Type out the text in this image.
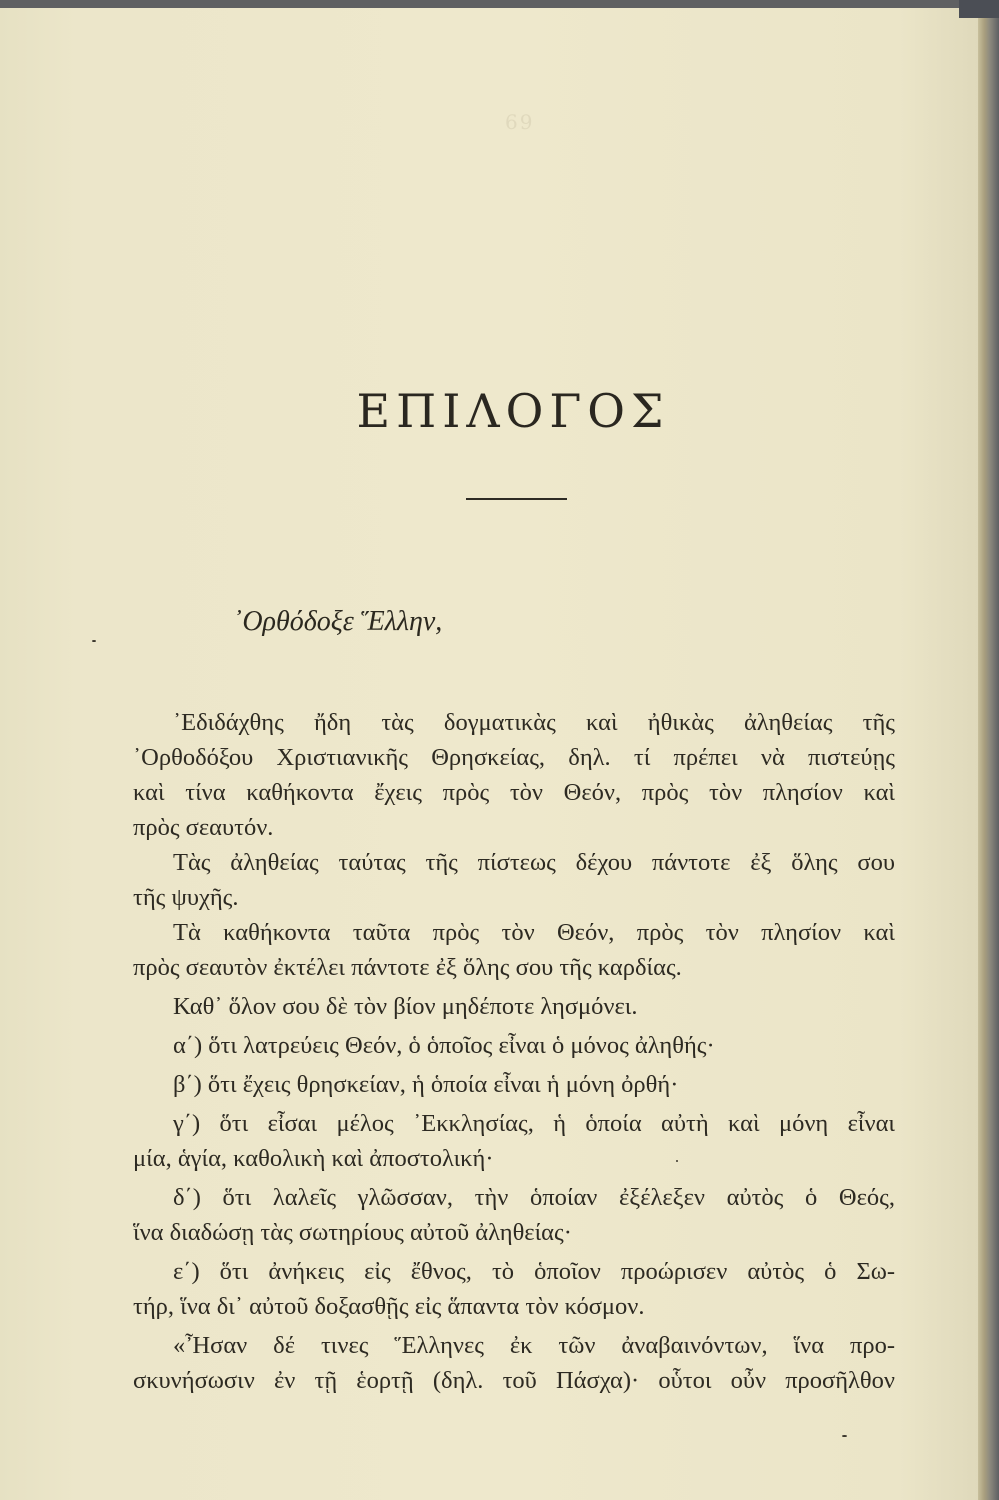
69
ΕΠΙΛΟΓΟΣ
᾿Ορθόδοξε Ἕλλην,
᾿Εδιδάχθης ἤδη τὰς δογματικὰς καὶ ἠθικὰς ἀληθείας τῆς
᾿Ορθοδόξου Χριστιανικῆς Θρησκείας, δηλ. τί πρέπει νὰ πιστεύῃς
καὶ τίνα καθήκοντα ἔχεις πρὸς τὸν Θεόν, πρὸς τὸν πλησίον καὶ
πρὸς σεαυτόν.
Τὰς ἀληθείας ταύτας τῆς πίστεως δέχου πάντοτε ἐξ ὅλης σου
τῆς ψυχῆς.
Τὰ καθήκοντα ταῦτα πρὸς τὸν Θεόν, πρὸς τὸν πλησίον καὶ
πρὸς σεαυτὸν ἐκτέλει πάντοτε ἐξ ὅλης σου τῆς καρδίας.
Καθ᾿ ὅλον σου δὲ τὸν βίον μηδέποτε λησμόνει.
α΄) ὅτι λατρεύεις Θεόν, ὁ ὁποῖος εἶναι ὁ μόνος ἀληθής·
β΄) ὅτι ἔχεις θρησκείαν, ἡ ὁποία εἶναι ἡ μόνη ὀρθή·
γ΄) ὅτι εἶσαι μέλος ᾿Εκκλησίας, ἡ ὁποία αὐτὴ καὶ μόνη εἶναι
μία, ἁγία, καθολικὴ καὶ ἀποστολική·
δ΄) ὅτι λαλεῖς γλῶσσαν, τὴν ὁποίαν ἐξέλεξεν αὐτὸς ὁ Θεός,
ἵνα διαδώσῃ τὰς σωτηρίους αὐτοῦ ἀληθείας·
ε΄) ὅτι ἀνήκεις εἰς ἔθνος, τὸ ὁποῖον προώρισεν αὐτὸς ὁ Σω-
τήρ, ἵνα δι᾿ αὐτοῦ δοξασθῇς εἰς ἅπαντα τὸν κόσμον.
«Ἦσαν δέ τινες Ἕλληνες ἐκ τῶν ἀναβαινόντων, ἵνα προ-
σκυνήσωσιν ἐν τῇ ἑορτῇ (δηλ. τοῦ Πάσχα)· οὗτοι οὖν προσῆλθον
